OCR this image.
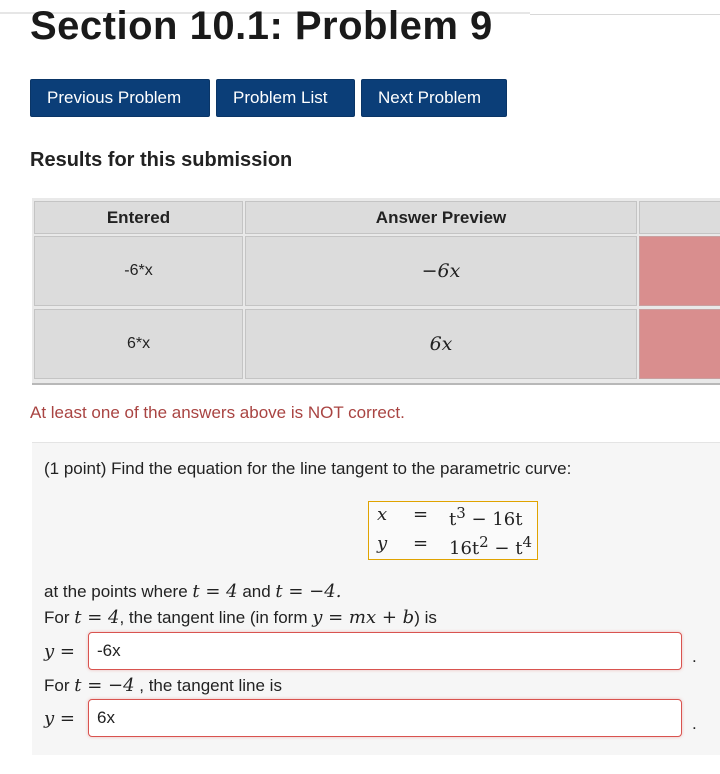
Section 10.1: Problem 9
Previous Problem	Problem List	Next Problem
Results for this submission
Entered	Answer Preview
-6*x	−6x
6*x	6x
At least one of the answers above is NOT correct.
(1 point) Find the equation for the line tangent to the parametric curve:
$x = t^3 - 16t$
$y = 16t^2 - t^4$
at the points where t = 4 and t = −4.
For t = 4, the tangent line (in form y = mx + b) is
y =
-6x	.
For t = −4 , the tangent line is
y =
6x	.
